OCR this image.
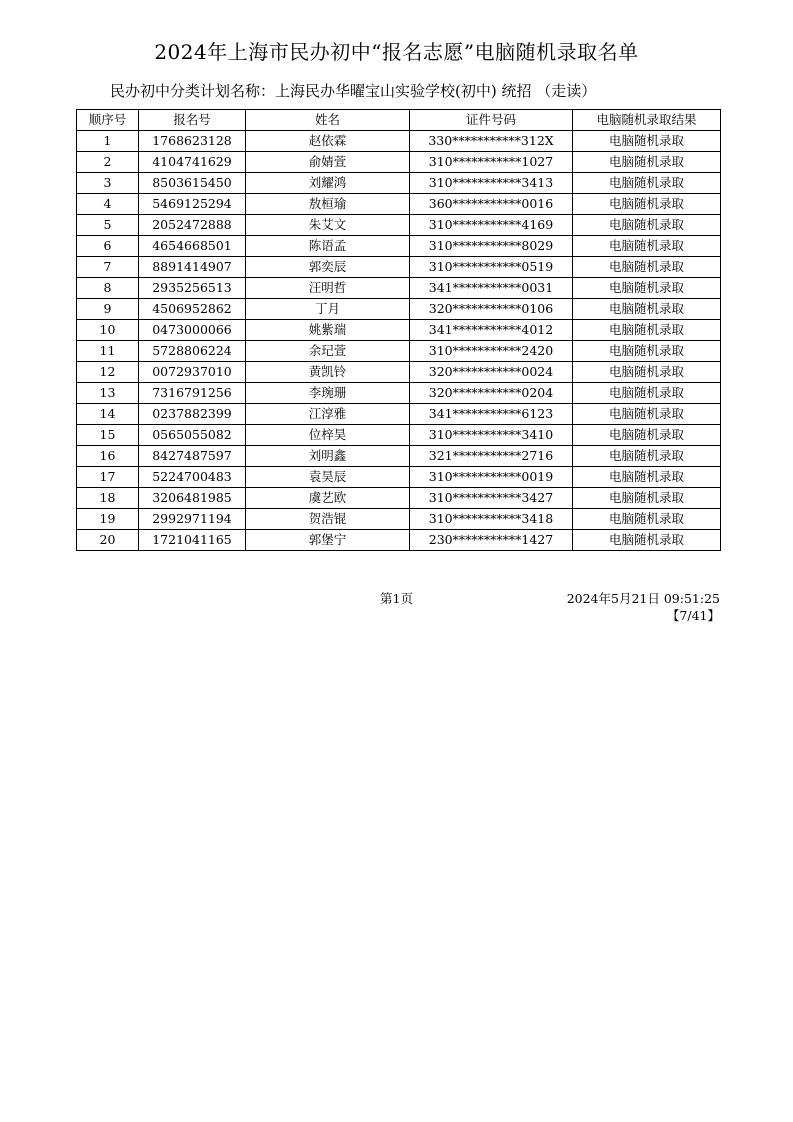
2024年上海市民办初中“报名志愿”电脑随机录取名单
民办初中分类计划名称：上海民办华曜宝山实验学校(初中) 统招 （走读）
顺序号	报名号	姓名	证件号码	电脑随机录取结果
1	1768623128	赵依霖	330***********312X	电脑随机录取
2	4104741629	俞婧萱	310***********1027	电脑随机录取
3	8503615450	刘耀鸿	310***********3413	电脑随机录取
4	5469125294	敖桓瑜	360***********0016	电脑随机录取
5	2052472888	朱艾文	310***********4169	电脑随机录取
6	4654668501	陈语孟	310***********8029	电脑随机录取
7	8891414907	郭奕辰	310***********0519	电脑随机录取
8	2935256513	汪明哲	341***********0031	电脑随机录取
9	4506952862	丁月	320***********0106	电脑随机录取
10	0473000066	姚紫瑞	341***********4012	电脑随机录取
11	5728806224	余玘萱	310***********2420	电脑随机录取
12	0072937010	黄凯铃	320***********0024	电脑随机录取
13	7316791256	李琬珊	320***********0204	电脑随机录取
14	0237882399	江淳雅	341***********6123	电脑随机录取
15	0565055082	位梓昊	310***********3410	电脑随机录取
16	8427487597	刘明鑫	321***********2716	电脑随机录取
17	5224700483	袁昊辰	310***********0019	电脑随机录取
18	3206481985	虞艺欧	310***********3427	电脑随机录取
19	2992971194	贺浩锟	310***********3418	电脑随机录取
20	1721041165	郭堡宁	230***********1427	电脑随机录取
第1页	2024年5月21日 09:51:25
【7/41】
